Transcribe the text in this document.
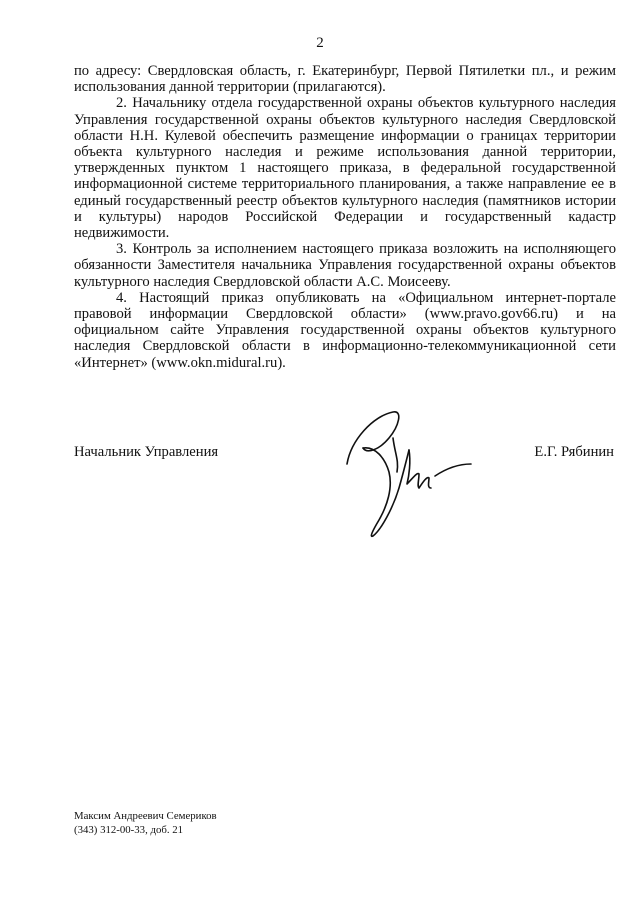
2

по адресу: Свердловская область, г. Екатеринбург, Первой Пятилетки пл., и режим использования данной территории (прилагаются).

2. Начальнику отдела государственной охраны объектов культурного наследия Управления государственной охраны объектов культурного наследия Свердловской области Н.Н. Кулевой обеспечить размещение информации о границах территории объекта культурного наследия и режиме использования данной территории, утвержденных пунктом 1 настоящего приказа, в федеральной государственной информационной системе территориального планирования, а также направление ее в единый государственный реестр объектов культурного наследия (памятников истории и культуры) народов Российской Федерации и государственный кадастр недвижимости.

3. Контроль за исполнением настоящего приказа возложить на исполняющего обязанности Заместителя начальника Управления государственной охраны объектов культурного наследия Свердловской области А.С. Моисееву.

4. Настоящий приказ опубликовать на «Официальном интернет-портале правовой информации Свердловской области» (www.pravo.gov66.ru) и на официальном сайте Управления государственной охраны объектов культурного наследия Свердловской области в информационно-телекоммуникационной сети «Интернет» (www.okn.midural.ru).

Начальник Управления	Е.Г. Рябинин
Максим Андреевич Семериков
(343) 312-00-33, доб. 21
